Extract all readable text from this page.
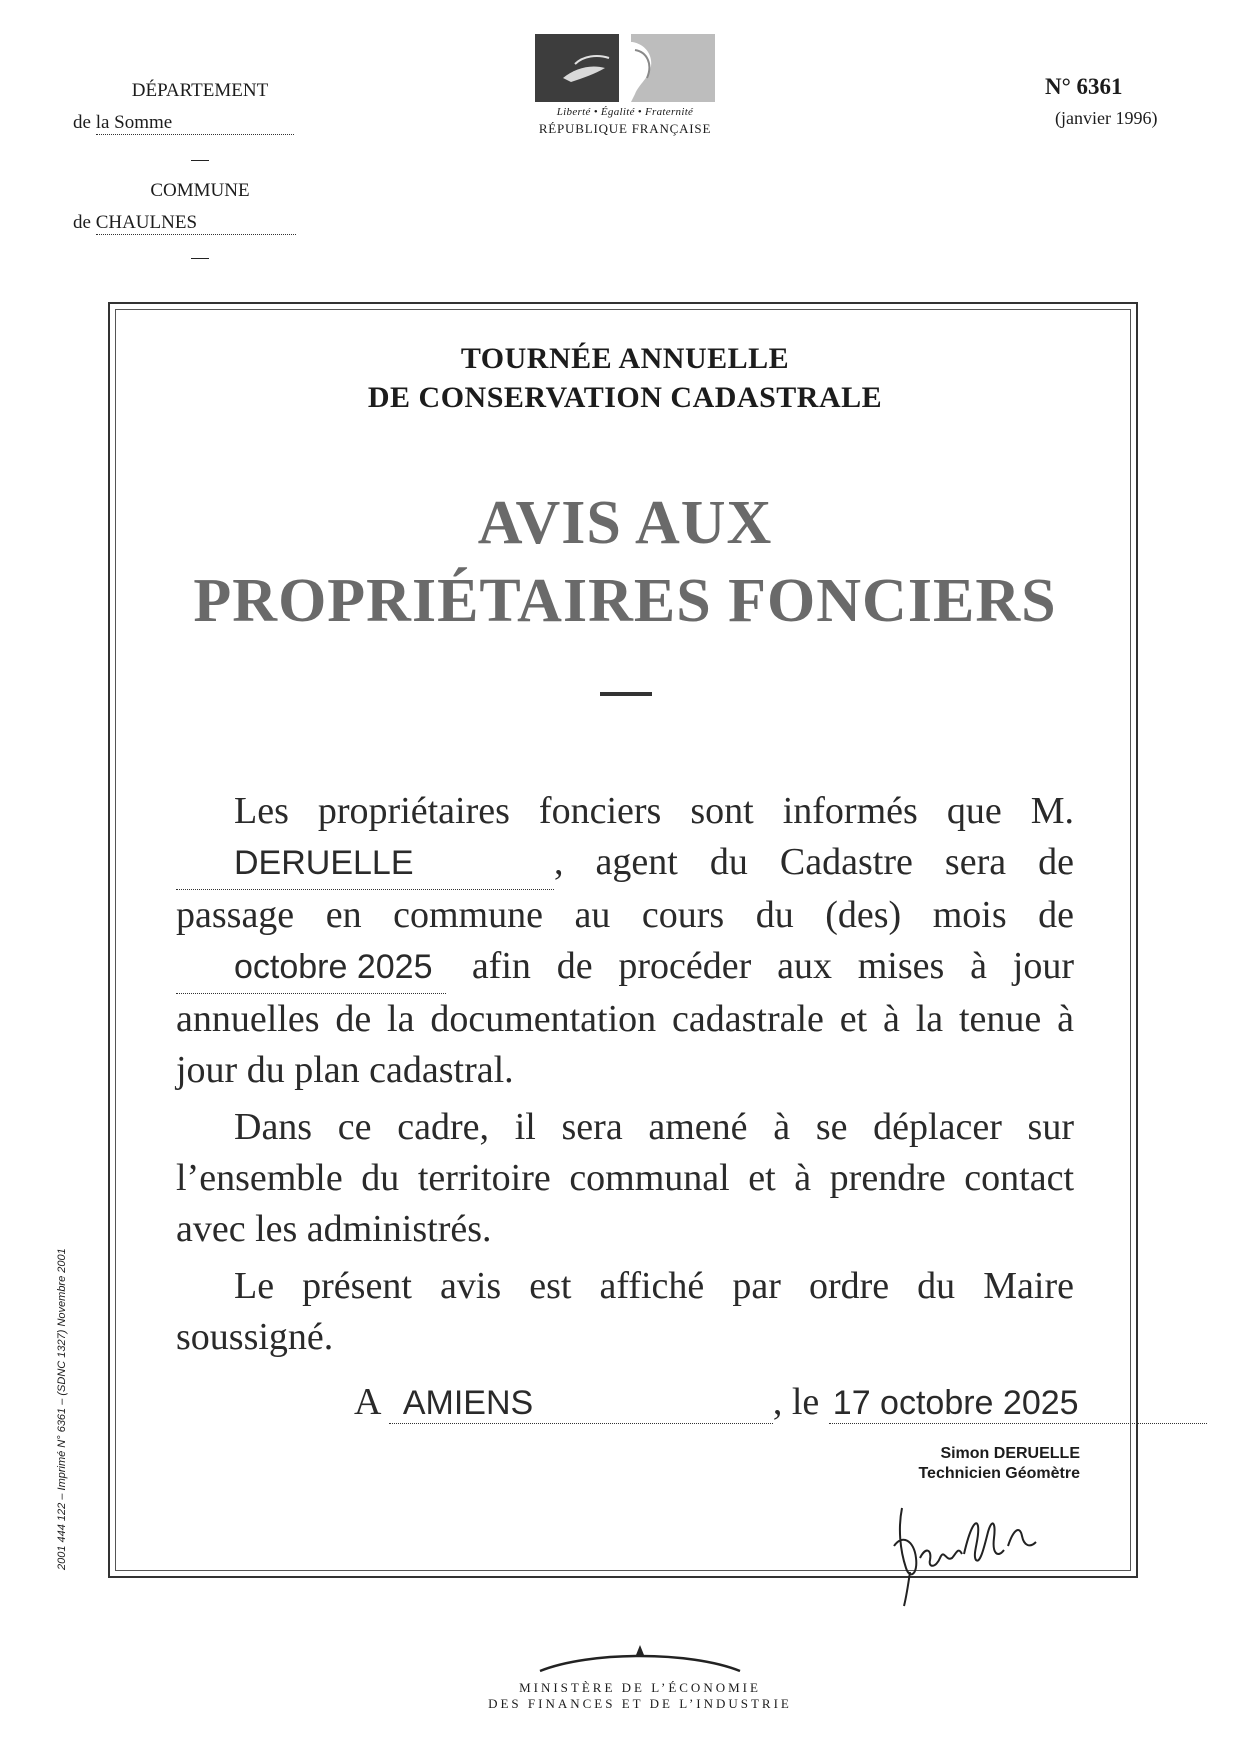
DÉPARTEMENT
de la Somme
COMMUNE
de CHAULNES
Liberté • Égalité • Fraternité
RÉPUBLIQUE FRANÇAISE
N° 6361
(janvier 1996)
TOURNÉE ANNUELLE
DE CONSERVATION CADASTRALE
AVIS AUX
PROPRIÉTAIRES FONCIERS

Les propriétaires fonciers sont informés que M. DERUELLE	, agent du Cadastre sera de passage en commune au cours du (des) mois de octobre 2025 afin de procéder aux mises à jour annuelles de la documentation cadastrale et à la tenue à jour du plan cadastral.

Dans ce cadre, il sera amené à se déplacer sur l’ensemble du territoire communal et à prendre contact avec les administrés.

Le présent avis est affiché par ordre du Maire soussigné.

A AMIENS	, le 17 octobre 2025
Simon DERUELLE
Technicien Géomètre
2001 444 122 – Imprimé N° 6361 – (SDNC 1327) Novembre 2001
MINISTÈRE DE L’ÉCONOMIE
DES FINANCES ET DE L’INDUSTRIE
